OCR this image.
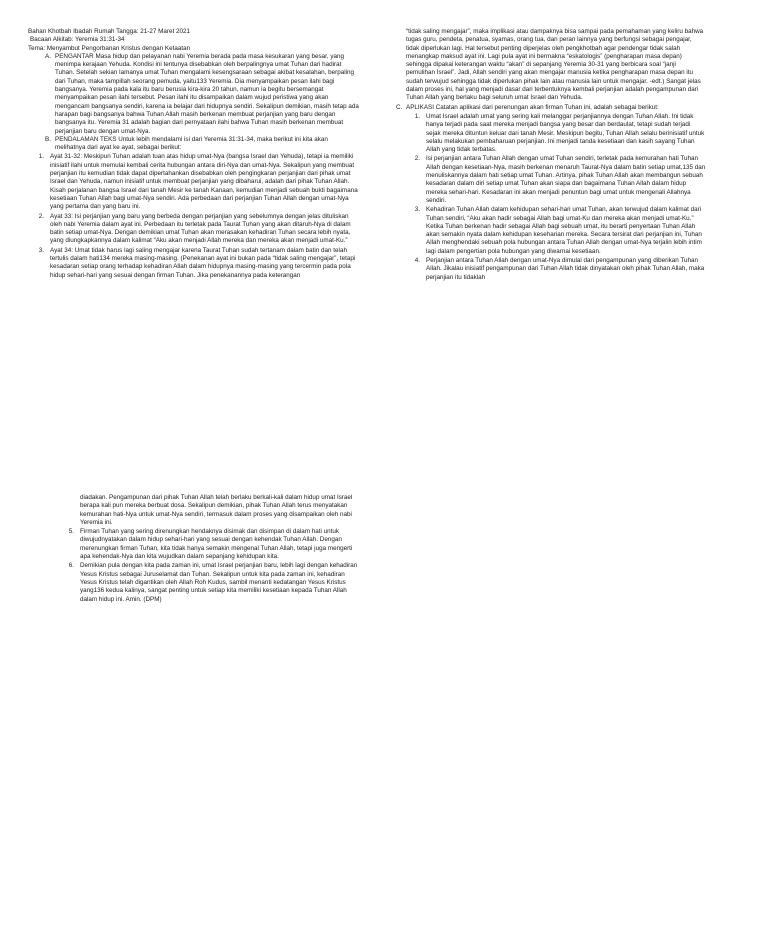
Bahan Khotbah Ibadah Rumah Tangga: 21-27 Maret 2021

Bacaan Alkitab: Yeremia 31:31-34

Tema: Menyambut Pengorbanan Kristus dengan Ketaatan

A. PENGANTAR Masa hidup dan pelayanan nabi Yeremia berada pada masa kesukaran yang besar, yang menimpa kerajaan Yehuda. Kondisi ini tentunya disebabkan oleh berpalingnya umat Tuhan dari hadirat Tuhan. Setelah sekian lamanya umat Tuhan mengalami kesengsaraan sebagai akibat kesalahan, berpaling dari Tuhan, maka tampillah seorang pemuda, yaitu133 Yeremia. Dia menyampaikan pesan ilahi bagi bangsanya. Yeremia pada kala itu baru berusia kira-kira 20 tahun, namun ia begitu bersemangat menyampaikan pesan ilahi tersebut. Pesan ilahi itu disampaikan dalam wujud peristiwa yang akan mengancam bangsanya sendiri, karena ia belajar dari hidupnya sendiri. Sekalipun demikian, masih tetap ada harapan bagi bangsanya bahwa Tuhan Allah masih berkenan membuat perjanjian yang baru dengan bangsanya itu. Yeremia 31 adalah bagian dari pernyataan ilahi bahwa Tuhan masih berkenan membuat perjanjian baru dengan umat-Nya.

B. PENDALAMAN TEKS Untuk lebih mendalami isi dari Yeremia 31:31-34, maka berikut ini kita akan melihatnya dari ayat ke ayat, sebagai berikut:

1. Ayat 31-32: Meskipun Tuhan adalah tuan atas hidup umat-Nya (bangsa Israel dan Yehuda), tetapi ia memiliki inisiatif ilahi untuk memulai kembali cerita hubungan antara diri-Nya dan umat-Nya. Sekalipun yang membuat perjanjian itu kemudian tidak dapat dipertahankan disebabkan oleh pengingkaran perjanjian dari pihak umat Israel dan Yehuda, namun inisiatif untuk membuat perjanjian yang dibaharui, adalah dari pihak Tuhan Allah. Kisah perjalanan bangsa Israel dari tanah Mesir ke tanah Kanaan, kemudian menjadi sebuah bukti bagaimana kesetiaan Tuhan Allah bagi umat-Nya sendiri. Ada perbedaan dari perjanjian Tuhan Allah dengan umat-Nya yang pertama dan yang baru ini.

2. Ayat 33: Isi perjanjian yang baru yang berbeda dengan perjanjian yang sebelumnya dengan jelas dituliskan oleh nabi Yeremia dalam ayat ini. Perbedaan itu terletak pada Taurat Tuhan yang akan ditaruh-Nya di dalam batin setiap umat-Nya. Dengan demikian umat Tuhan akan merasakan kehadiran Tuhan secara lebih nyata, yang diungkapkannya dalam kalimat “Aku akan menjadi Allah mereka dan mereka akan menjadi umat-Ku.”

3. Ayat 34: Umat tidak harus lagi saling mengajar karena Taurat Tuhan sudah tertanam dalam batin dan telah tertulis dalam hati134 mereka masing-masing. (Penekanan ayat ini bukan pada “tidak saling mengajar”, tetapi kesadaran setiap orang terhadap kehadiran Allah dalam hidupnya masing-masing yang tercermin pada pola hidup sehari-hari yang sesuai dengan firman Tuhan. Jika penekanannya pada keterangan

“tidak saling mengajar”, maka implikasi atau dampaknya bisa sampai pada pemahaman yang keliru bahwa tugas guru, pendeta, penatua, syamas, orang tua, dan peran lainnya yang berfungsi sebagai pengajar, tidak diperlukan lagi. Hal tersebut penting diperjelas oleh pengkhotbah agar pendengar tidak salah menangkap maksud ayat ini. Lagi pula ayat ini bermakna “eskatologis” (pengharapan masa depan) sehingga dipakai keterangan waktu “akan” di sepanjang Yeremia 30-31 yang berbicara soal “janji pemulihan Israel”. Jadi, Allah sendiri yang akan mengajar manusia ketika pengharapan masa depan itu sudah terwujud sehingga tidak diperlukan pihak lain atau manusia lain untuk mengajar. -edt.) Sangat jelas dalam proses ini, hal yang menjadi dasar dari terbentuknya kembali perjanjian adalah pengampunan dari Tuhan Allah yang berlaku bagi seluruh umat Israel dan Yehuda.

C. APLIKASI Catatan aplikasi dari perenungan akan firman Tuhan ini, adalah sebagai berikut:

1. Umat Israel adalah umat yang sering kali melanggar perjanjiannya dengan Tuhan Allah. Ini tidak hanya terjadi pada saat mereka menjadi bangsa yang besar dan berdaulat, tetapi sudah terjadi sejak mereka dituntun keluar dari tanah Mesir. Meskipun begitu, Tuhan Allah selalu berinisiatif untuk selalu melakukan pembaharuan perjanjian. Ini menjadi tanda kesetiaan dan kasih sayang Tuhan Allah yang tidak terbatas.

2. Isi perjanjian antara Tuhan Allah dengan umat Tuhan sendiri, terletak pada kemurahan hati Tuhan Allah dengan kesetiaan-Nya, masih berkenan menaruh Taurat-Nya dalam batin setiap umat,135 dan menuliskannya dalam hati setiap umat Tuhan. Artinya, pihak Tuhan Allah akan membangun sebuah kesadaran dalam diri setiap umat Tuhan akan siapa dan bagaimana Tuhan Allah dalam hidup mereka sehari-hari. Kesadaran ini akan menjadi penuntun bagi umat untuk mengenali Allahnya sendiri.

3. Kehadiran Tuhan Allah dalam kehidupan sehari-hari umat Tuhan, akan terwujud dalam kalimat dari Tuhan sendiri, “Aku akan hadir sebagai Allah bagi umat-Ku dan mereka akan menjadi umat-Ku.” Ketika Tuhan berkenan hadir sebagai Allah bagi sebuah umat, itu berarti penyertaan Tuhan Allah akan semakin nyata dalam kehidupan keseharian mereka. Secara tersirat dari perjanjian ini, Tuhan Allah menghendaki sebuah pola hubungan antara Tuhan Allah dengan umat-Nya terjalin lebih intim lagi dalam pengertian pola hubungan yang diwarnai kesetiaan.

4. Perjanjian antara Tuhan Allah dengan umat-Nya dimulai dari pengampunan yang diberikan Tuhan Allah. Jikalau inisiatif pengampunan dari Tuhan Allah tidak dinyatakan oleh pihak Tuhan Allah, maka perjanjian itu tidaklah

diadakan. Pengampunan dari pihak Tuhan Allah telah berlaku berkali-kali dalam hidup umat Israel berapa kali pun mereka berbuat dosa. Sekalipun demikian, pihak Tuhan Allah terus menyatakan kemurahan hati-Nya untuk umat-Nya sendiri, termasuk dalam proses yang disampaikan oleh nabi Yeremia ini.

5. Firman Tuhan yang sering direnungkan hendaknya disimak dan disimpan di dalam hati untuk diwujudnyatakan dalam hidup sehari-hari yang sesuai dengan kehendak Tuhan Allah. Dengan merenungkan firman Tuhan, kita tidak hanya semakin mengenal Tuhan Allah, tetapi juga mengerti apa kehendak-Nya dan kita wujudkan dalam sepanjang kehidupan kita.

6. Demikian pula dengan kita pada zaman ini, umat Israel perjanjian baru, lebih lagi dengan kehadiran Yesus Kristus sebagai Juruselamat dan Tuhan. Sekalipun untuk kita pada zaman ini, kehadiran Yesus Kristus telah digantikan oleh Allah Roh Kudus, sambil menanti kedatangan Yesus Kristus yang136 kedua kalinya, sangat penting untuk setiap kita memiliki kesetiaan kepada Tuhan Allah dalam hidup ini. Amin. (DPM)
